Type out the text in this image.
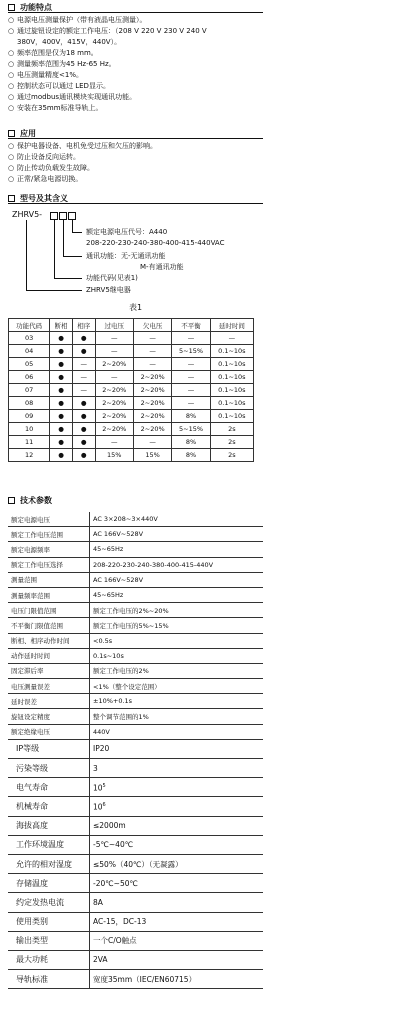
功能特点
○ 电源电压测量保护（带有液晶电压测量）。
○ 通过旋钮设定的额定工作电压：（208 V 220 V 230 V 240 V
380V，400V，415V，440V）。
○ 频率范围是仅为18 mm。
○ 测量频率范围为45 Hz-65 Hz。
○ 电压测量精度<1%。
○ 控制状态可以通过 LED显示。
○ 通过modbus通讯模块实现通讯功能。
○ 安装在35mm标准导轨上。
应用
○ 保护电器设备、电机免受过压和欠压的影响。
○ 防止设备反向运转。
○ 防止传动负载发生故障。
○ 正常/紧急电源切换。
型号及其含义
ZHRV5-
额定电源电压代号：A440
208-220-230-240-380-400-415-440VAC
通讯功能：无-无通讯功能
M-有通讯功能
功能代码(见表1)
ZHRV5继电器
表1
功能代码	断相	相序	过电压	欠电压	不平衡	延时时间
03	●	●	—	—	—	—
04	●	●	—	—	5~15%	0.1~10s
05	●	—	2~20%	—	—	0.1~10s
06	●	—	—	2~20%	—	0.1~10s
07	●	—	2~20%	2~20%	—	0.1~10s
08	●	●	2~20%	2~20%	—	0.1~10s
09	●	●	2~20%	2~20%	8%	0.1~10s
10	●	●	2~20%	2~20%	5~15%	2s
11	●	●	—	—	8%	2s
12	●	●	15%	15%	8%	2s
技术参数
额定电源电压	AC 3×208~3×440V
额定工作电压范围	AC 166V~528V
额定电源频率	45~65Hz
额定工作电压选择	208-220-230-240-380-400-415-440V
测量范围	AC 166V~528V
测量频率范围	45~65Hz
电压门限值范围	额定工作电压的2%~20%
不平衡门限值范围	额定工作电压的5%~15%
断相、相序动作时间	<0.5s
动作延时时间	0.1s~10s
固定滞后率	额定工作电压的2%
电压测量误差	<1%（整个设定范围）
延时误差	±10%+0.1s
旋钮设定精度	整个调节范围的1%
额定绝缘电压	440V
IP等级	IP20
污染等级	3
电气寿命	$10^5$
机械寿命	$10^6$
海拔高度	≤2000m
工作环境温度	-5℃~40℃
允许的相对湿度	≤50%（40℃）（无凝露）
存储温度	-20℃~50℃
约定发热电流	8A
使用类别	AC-15，DC-13
输出类型	一个C/O触点
最大功耗	2VA
导轨标准	宽度35mm（IEC/EN60715）
